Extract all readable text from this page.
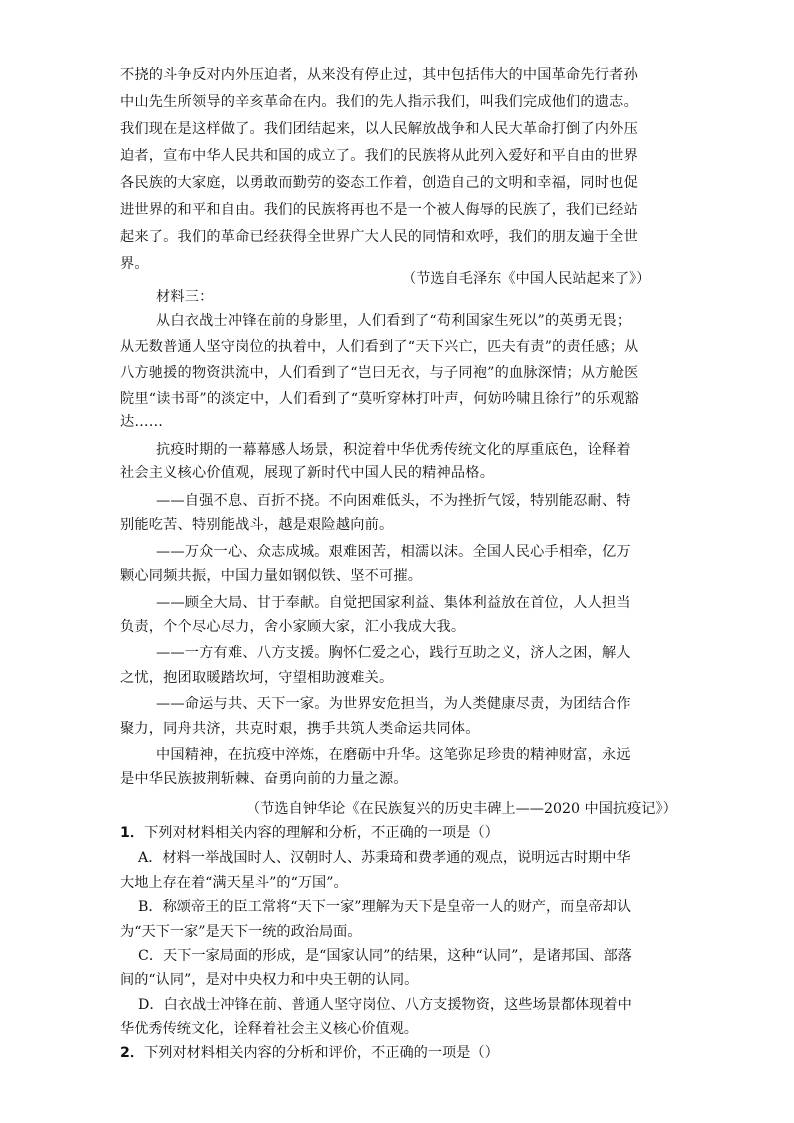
不挠的斗争反对内外压迫者，从来没有停止过，其中包括伟大的中国革命先行者孙
中山先生所领导的辛亥革命在内。我们的先人指示我们，叫我们完成他们的遗志。
我们现在是这样做了。我们团结起来，以人民解放战争和人民大革命打倒了内外压
迫者，宣布中华人民共和国的成立了。我们的民族将从此列入爱好和平自由的世界
各民族的大家庭，以勇敢而勤劳的姿态工作着，创造自己的文明和幸福，同时也促
进世界的和平和自由。我们的民族将再也不是一个被人侮辱的民族了，我们已经站
起来了。我们的革命已经获得全世界广大人民的同情和欢呼，我们的朋友遍于全世
界。
（节选自毛泽东《中国人民站起来了》）
材料三：
从白衣战士冲锋在前的身影里，人们看到了“苟利国家生死以”的英勇无畏；
从无数普通人坚守岗位的执着中，人们看到了“天下兴亡，匹夫有责”的责任感；从
八方驰援的物资洪流中，人们看到了“岂曰无衣，与子同袍”的血脉深情；从方舱医
院里“读书哥”的淡定中，人们看到了“莫听穿林打叶声，何妨吟啸且徐行”的乐观豁
达……
抗疫时期的一幕幕感人场景，积淀着中华优秀传统文化的厚重底色，诠释着
社会主义核心价值观，展现了新时代中国人民的精神品格。
——自强不息、百折不挠。不向困难低头，不为挫折气馁，特别能忍耐、特
别能吃苦、特别能战斗，越是艰险越向前。
——万众一心、众志成城。艰难困苦，相濡以沫。全国人民心手相牵，亿万
颗心同频共振，中国力量如钢似铁、坚不可摧。
——顾全大局、甘于奉献。自觉把国家利益、集体利益放在首位，人人担当
负责，个个尽心尽力，舍小家顾大家，汇小我成大我。
——一方有难、八方支援。胸怀仁爱之心，践行互助之义，济人之困，解人
之忧，抱团取暖踏坎坷，守望相助渡难关。
——命运与共、天下一家。为世界安危担当，为人类健康尽责，为团结合作
聚力，同舟共济，共克时艰，携手共筑人类命运共同体。
中国精神，在抗疫中淬炼，在磨砺中升华。这笔弥足珍贵的精神财富，永远
是中华民族披荆斩棘、奋勇向前的力量之源。
（节选自钟华论《在民族复兴的历史丰碑上——2020 中国抗疫记》）
1．下列对材料相关内容的理解和分析，不正确的一项是（）
A．材料一举战国时人、汉朝时人、苏秉琦和费孝通的观点，说明远古时期中华
大地上存在着“满天星斗”的“万国”。
B．称颂帝王的臣工常将“天下一家”理解为天下是皇帝一人的财产，而皇帝却认
为“天下一家”是天下一统的政治局面。
C．天下一家局面的形成，是“国家认同”的结果，这种“认同”，是诸邦国、部落
间的“认同”，是对中央权力和中央王朝的认同。
D．白衣战士冲锋在前、普通人坚守岗位、八方支援物资，这些场景都体现着中
华优秀传统文化，诠释着社会主义核心价值观。
2．下列对材料相关内容的分析和评价，不正确的一项是（）
